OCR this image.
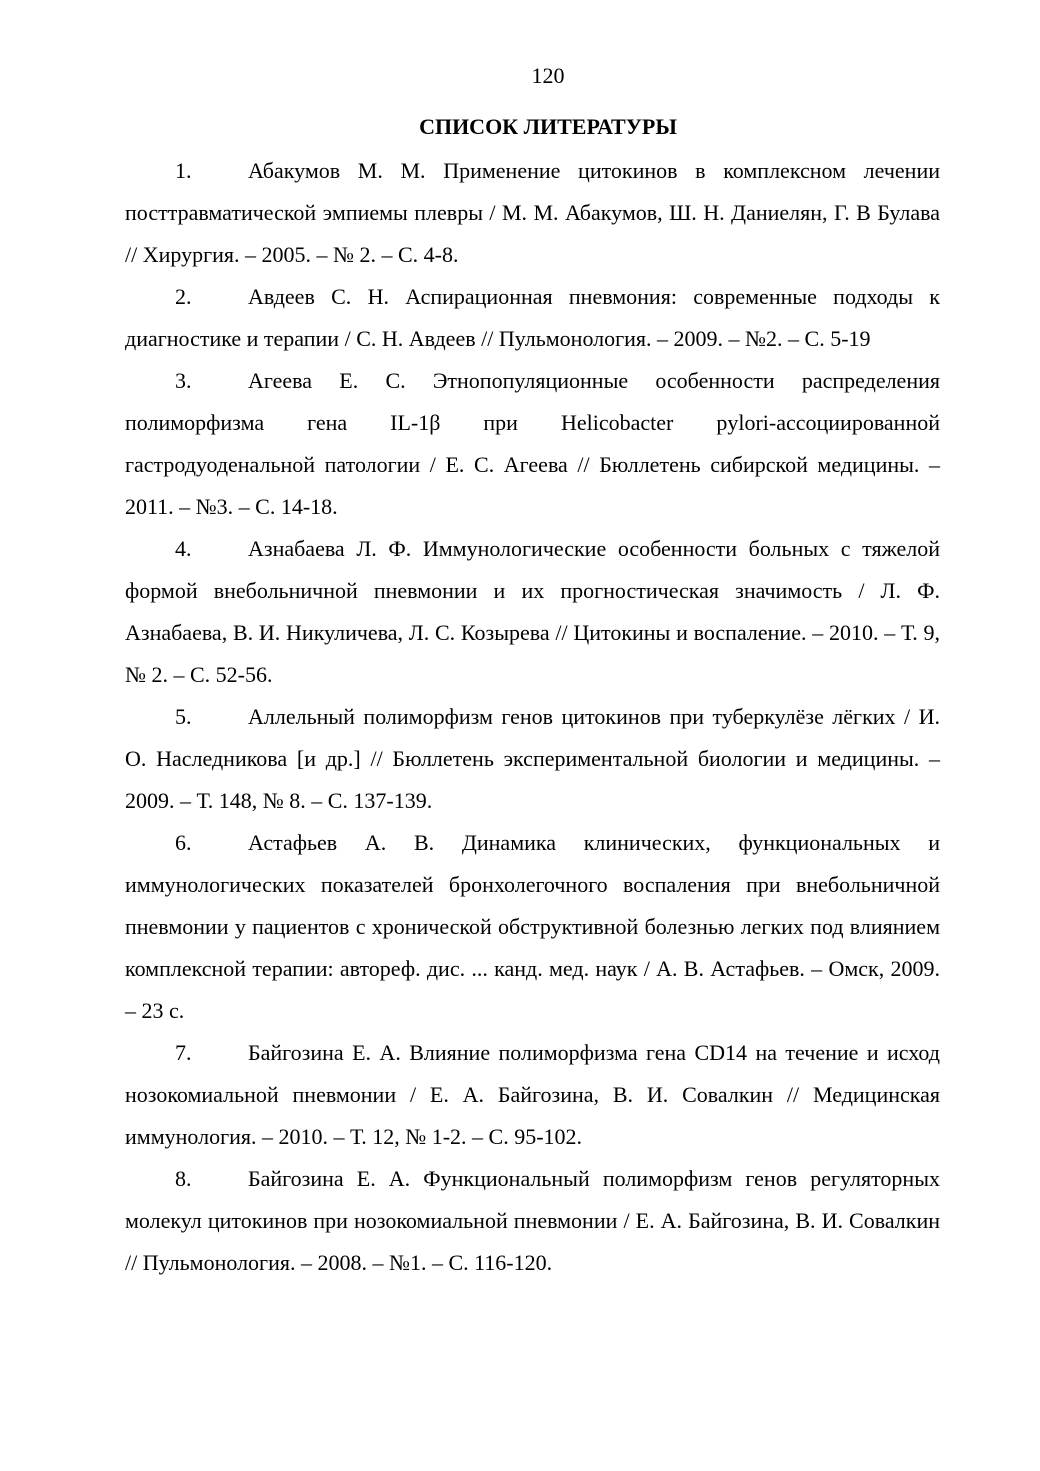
120
СПИСОК ЛИТЕРАТУРЫ
1.	Абакумов М. М. Применение цитокинов в комплексном лечении посттравматической эмпиемы плевры / М. М. Абакумов, Ш. Н. Даниелян, Г. В Булава // Хирургия. – 2005. – № 2. – С. 4-8.
2.	Авдеев С. Н. Аспирационная пневмония: современные подходы к диагностике и терапии / С. Н. Авдеев // Пульмонология. – 2009. – №2. – С. 5-19
3.	Агеева Е. С. Этнопопуляционные особенности распределения полиморфизма гена IL-1β при Helicobacter pylori-ассоциированной гастродуоденальной патологии / Е. С. Агеева // Бюллетень сибирской медицины. – 2011. – №3. – С. 14-18.
4.	Азнабаева Л. Ф. Иммунологические особенности больных с тяжелой формой внебольничной пневмонии и их прогностическая значимость / Л. Ф. Азнабаева, В. И. Никуличева, Л. С. Козырева // Цитокины и воспаление. – 2010. – Т. 9, № 2. – С. 52-56.
5.	Аллельный полиморфизм генов цитокинов при туберкулёзе лёгких / И. О. Наследникова [и др.] // Бюллетень экспериментальной биологии и медицины. – 2009. – Т. 148, № 8. – С. 137-139.
6.	Астафьев А. В. Динамика клинических, функциональных и иммунологических показателей бронхолегочного воспаления при внебольничной пневмонии у пациентов с хронической обструктивной болезнью легких под влиянием комплексной терапии: автореф. дис. ... канд. мед. наук / А. В. Астафьев. – Омск, 2009. – 23 с.
7.	Байгозина Е. А. Влияние полиморфизма гена CD14 на течение и исход нозокомиальной пневмонии / Е. А. Байгозина, В. И. Совалкин // Медицинская иммунология. – 2010. – Т. 12, № 1-2. – С. 95-102.
8.	Байгозина Е. А. Функциональный полиморфизм генов регуляторных молекул цитокинов при нозокомиальной пневмонии / Е. А. Байгозина, В. И. Совалкин // Пульмонология. – 2008. – №1. – С. 116-120.
